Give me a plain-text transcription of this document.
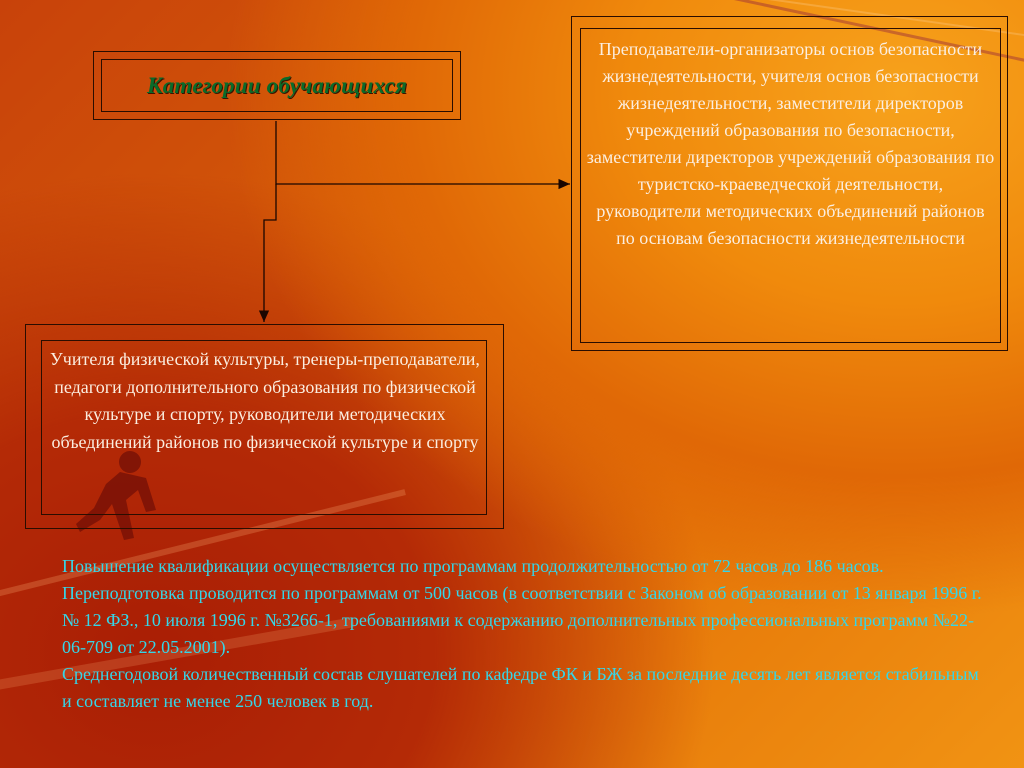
Категории обучающихся
Преподаватели-организаторы основ безопасности жизнедеятельности, учителя основ безопасности жизнедеятельности, заместители директоров учреждений образования по безопасности, заместители директоров учреждений образования по туристско-краеведческой деятельности, руководители методических объединений районов по основам безопасности жизнедеятельности
Учителя физической культуры, тренеры-преподаватели, педагоги дополнительного образования по физической культуре и спорту, руководители методических объединений районов по физической культуре и спорту

Повышение квалификации осуществляется по программам продолжительностью от 72 часов до 186 часов.

Переподготовка проводится по программам от 500 часов (в соответствии с Законом об образовании от 13 января 1996 г. № 12 ФЗ., 10 июля 1996 г. №3266-1, требованиями к содержанию дополнительных профессиональных программ №22-06-709 от 22.05.2001).

Среднегодовой количественный состав слушателей по кафедре ФК и БЖ за последние десять лет является стабильным и составляет не менее 250 человек в год.
